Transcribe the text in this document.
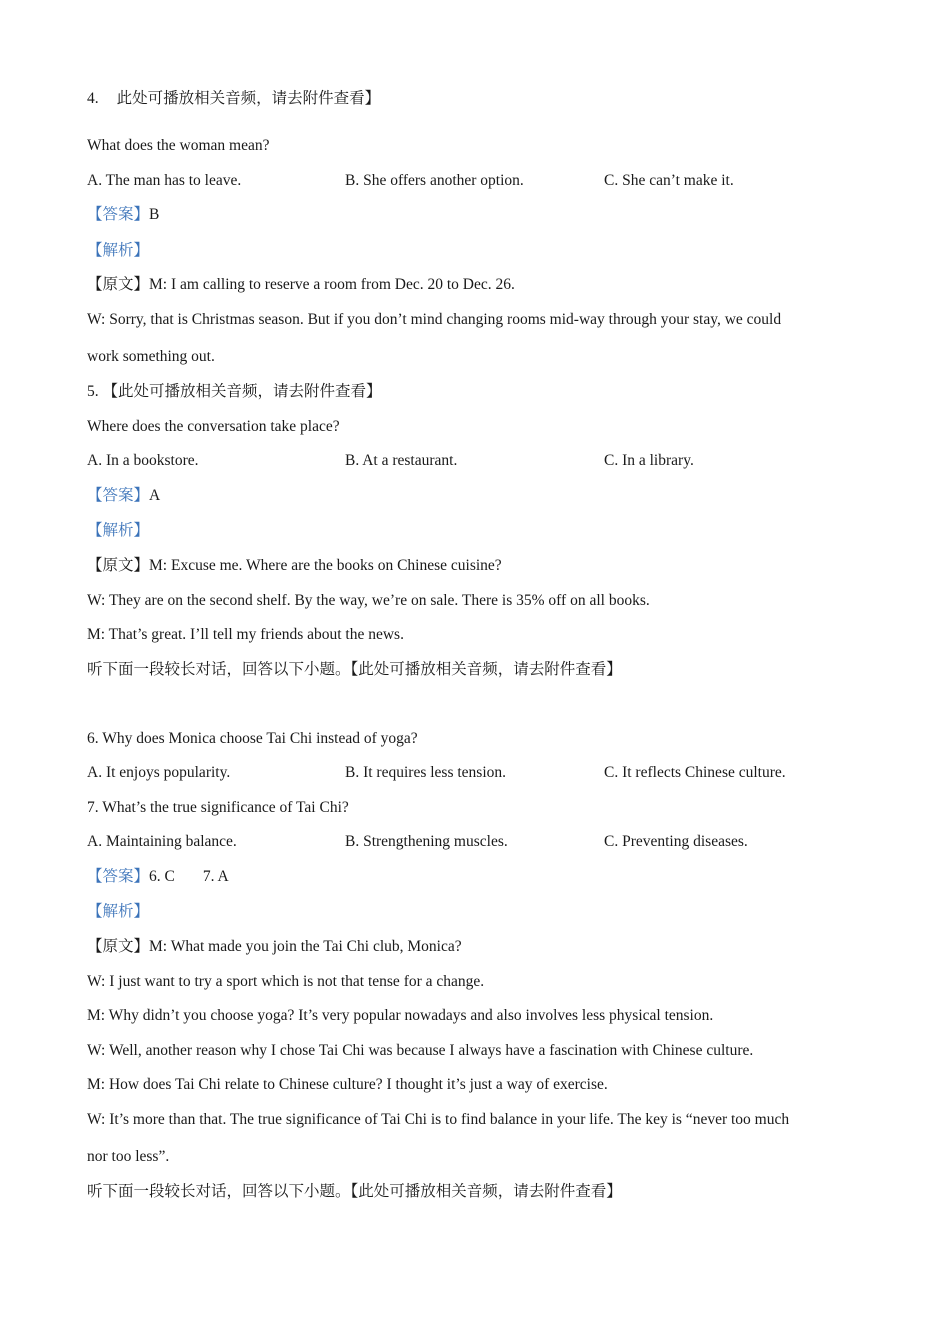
4. 此处可播放相关音频，请去附件查看】
What does the woman mean?
A. The man has to leave.	B. She offers another option.	C. She can’t make it.
【答案】B
【解析】
【原文】M: I am calling to reserve a room from Dec. 20 to Dec. 26.
W: Sorry, that is Christmas season. But if you don’t mind changing rooms mid-way through your stay, we could
work something out.
5. 【此处可播放相关音频，请去附件查看】
Where does the conversation take place?
A. In a bookstore.	B. At a restaurant.	C. In a library.
【答案】A
【解析】
【原文】M: Excuse me. Where are the books on Chinese cuisine?
W: They are on the second shelf. By the way, we’re on sale. There is 35% off on all books.
M: That’s great. I’ll tell my friends about the news.
听下面一段较长对话，回答以下小题。【此处可播放相关音频，请去附件查看】
6. Why does Monica choose Tai Chi instead of yoga?
A. It enjoys popularity.	B. It requires less tension.	C. It reflects Chinese culture.
7. What’s the true significance of Tai Chi?
A. Maintaining balance.	B. Strengthening muscles.	C. Preventing diseases.
【答案】6. C 7. A
【解析】
【原文】M: What made you join the Tai Chi club, Monica?
W: I just want to try a sport which is not that tense for a change.
M: Why didn’t you choose yoga? It’s very popular nowadays and also involves less physical tension.
W: Well, another reason why I chose Tai Chi was because I always have a fascination with Chinese culture.
M: How does Tai Chi relate to Chinese culture? I thought it’s just a way of exercise.
W: It’s more than that. The true significance of Tai Chi is to find balance in your life. The key is “never too much
nor too less”.
听下面一段较长对话，回答以下小题。【此处可播放相关音频，请去附件查看】
